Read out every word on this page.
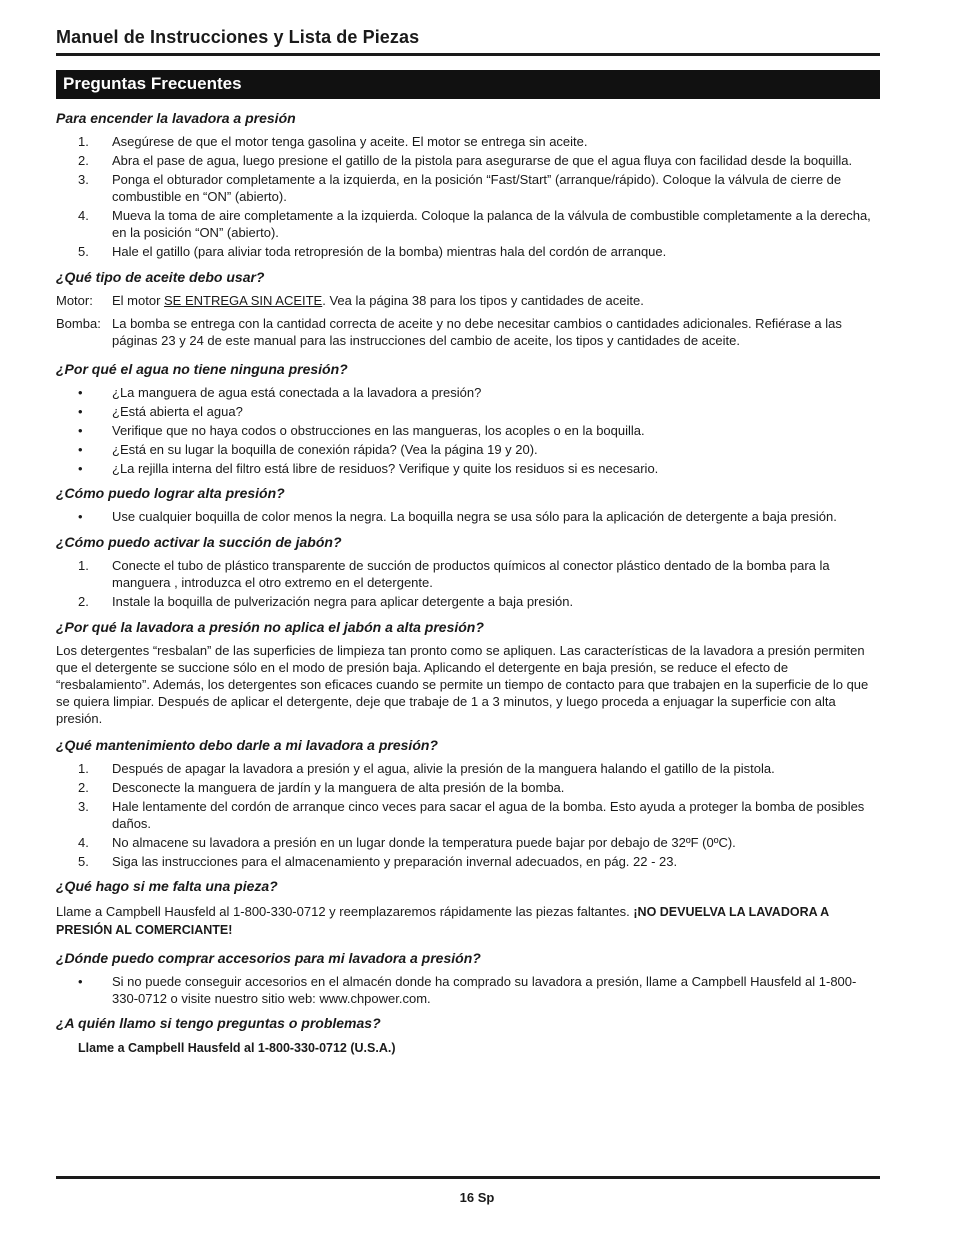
Manuel de Instrucciones y Lista de Piezas
Preguntas Frecuentes
Para encender la lavadora a presión
1. Asegúrese de que el motor tenga gasolina y aceite. El motor se entrega sin aceite.
2. Abra el pase de agua, luego presione el gatillo de la pistola para asegurarse de que el agua fluya con facilidad desde la boquilla.
3. Ponga el obturador completamente a la izquierda, en la posición “Fast/Start” (arranque/rápido). Coloque la válvula de cierre de combustible en “ON” (abierto).
4. Mueva la toma de aire completamente a la izquierda. Coloque la palanca de la válvula de combustible completamente a la derecha, en la posición “ON” (abierto).
5. Hale el gatillo (para aliviar toda retropresión de la bomba) mientras hala del cordón de arranque.
¿Qué tipo de aceite debo usar?
Motor: El motor SE ENTREGA SIN ACEITE. Vea la página 38 para los tipos y cantidades de aceite.
Bomba: La bomba se entrega con la cantidad correcta de aceite y no debe necesitar cambios o cantidades adicionales. Refiérase a las páginas 23 y 24 de este manual para las instrucciones del cambio de aceite, los tipos y cantidades de aceite.
¿Por qué el agua no tiene ninguna presión?
• ¿La manguera de agua está conectada a la lavadora a presión?
• ¿Está abierta el agua?
• Verifique que no haya codos o obstrucciones en las mangueras, los acoples o en la boquilla.
• ¿Está en su lugar la boquilla de conexión rápida? (Vea la página 19 y 20).
• ¿La rejilla interna del filtro está libre de residuos? Verifique y quite los residuos si es necesario.
¿Cómo puedo lograr alta presión?
• Use cualquier boquilla de color menos la negra. La boquilla negra se usa sólo para la aplicación de detergente a baja presión.
¿Cómo puedo activar la succión de jabón?
1. Conecte el tubo de plástico transparente de succión de productos químicos al conector plástico dentado de la bomba para la manguera , introduzca el otro extremo en el detergente.
2. Instale la boquilla de pulverización negra para aplicar detergente a baja presión.
¿Por qué la lavadora a presión no aplica el jabón a alta presión?

Los detergentes “resbalan” de las superficies de limpieza tan pronto como se apliquen. Las características de la lavadora a presión permiten que el detergente se succione sólo en el modo de presión baja. Aplicando el detergente en baja presión, se reduce el efecto de “resbalamiento”. Además, los detergentes son eficaces cuando se permite un tiempo de contacto para que trabajen en la superficie de lo que se quiera limpiar. Después de aplicar el detergente, deje que trabaje de 1 a 3 minutos, y luego proceda a enjuagar la superficie con alta presión.

¿Qué mantenimiento debo darle a mi lavadora a presión?
1. Después de apagar la lavadora a presión y el agua, alivie la presión de la manguera halando el gatillo de la pistola.
2. Desconecte la manguera de jardín y la manguera de alta presión de la bomba.
3. Hale lentamente del cordón de arranque cinco veces para sacar el agua de la bomba. Esto ayuda a proteger la bomba de posibles daños.
4. No almacene su lavadora a presión en un lugar donde la temperatura puede bajar por debajo de 32ºF (0ºC).
5. Siga las instrucciones para el almacenamiento y preparación invernal adecuados, en pág. 22 - 23.
¿Qué hago si me falta una pieza?

Llame a Campbell Hausfeld al 1-800-330-0712 y reemplazaremos rápidamente las piezas faltantes. ¡NO DEVUELVA LA LAVADORA A PRESIÓN AL COMERCIANTE!

¿Dónde puedo comprar accesorios para mi lavadora a presión?
• Si no puede conseguir accesorios en el almacén donde ha comprado su lavadora a presión, llame a Campbell Hausfeld al 1-800-330-0712 o visite nuestro sitio web: www.chpower.com.
¿A quién llamo si tengo preguntas o problemas?

Llame a Campbell Hausfeld al 1-800-330-0712 (U.S.A.)

16 Sp
